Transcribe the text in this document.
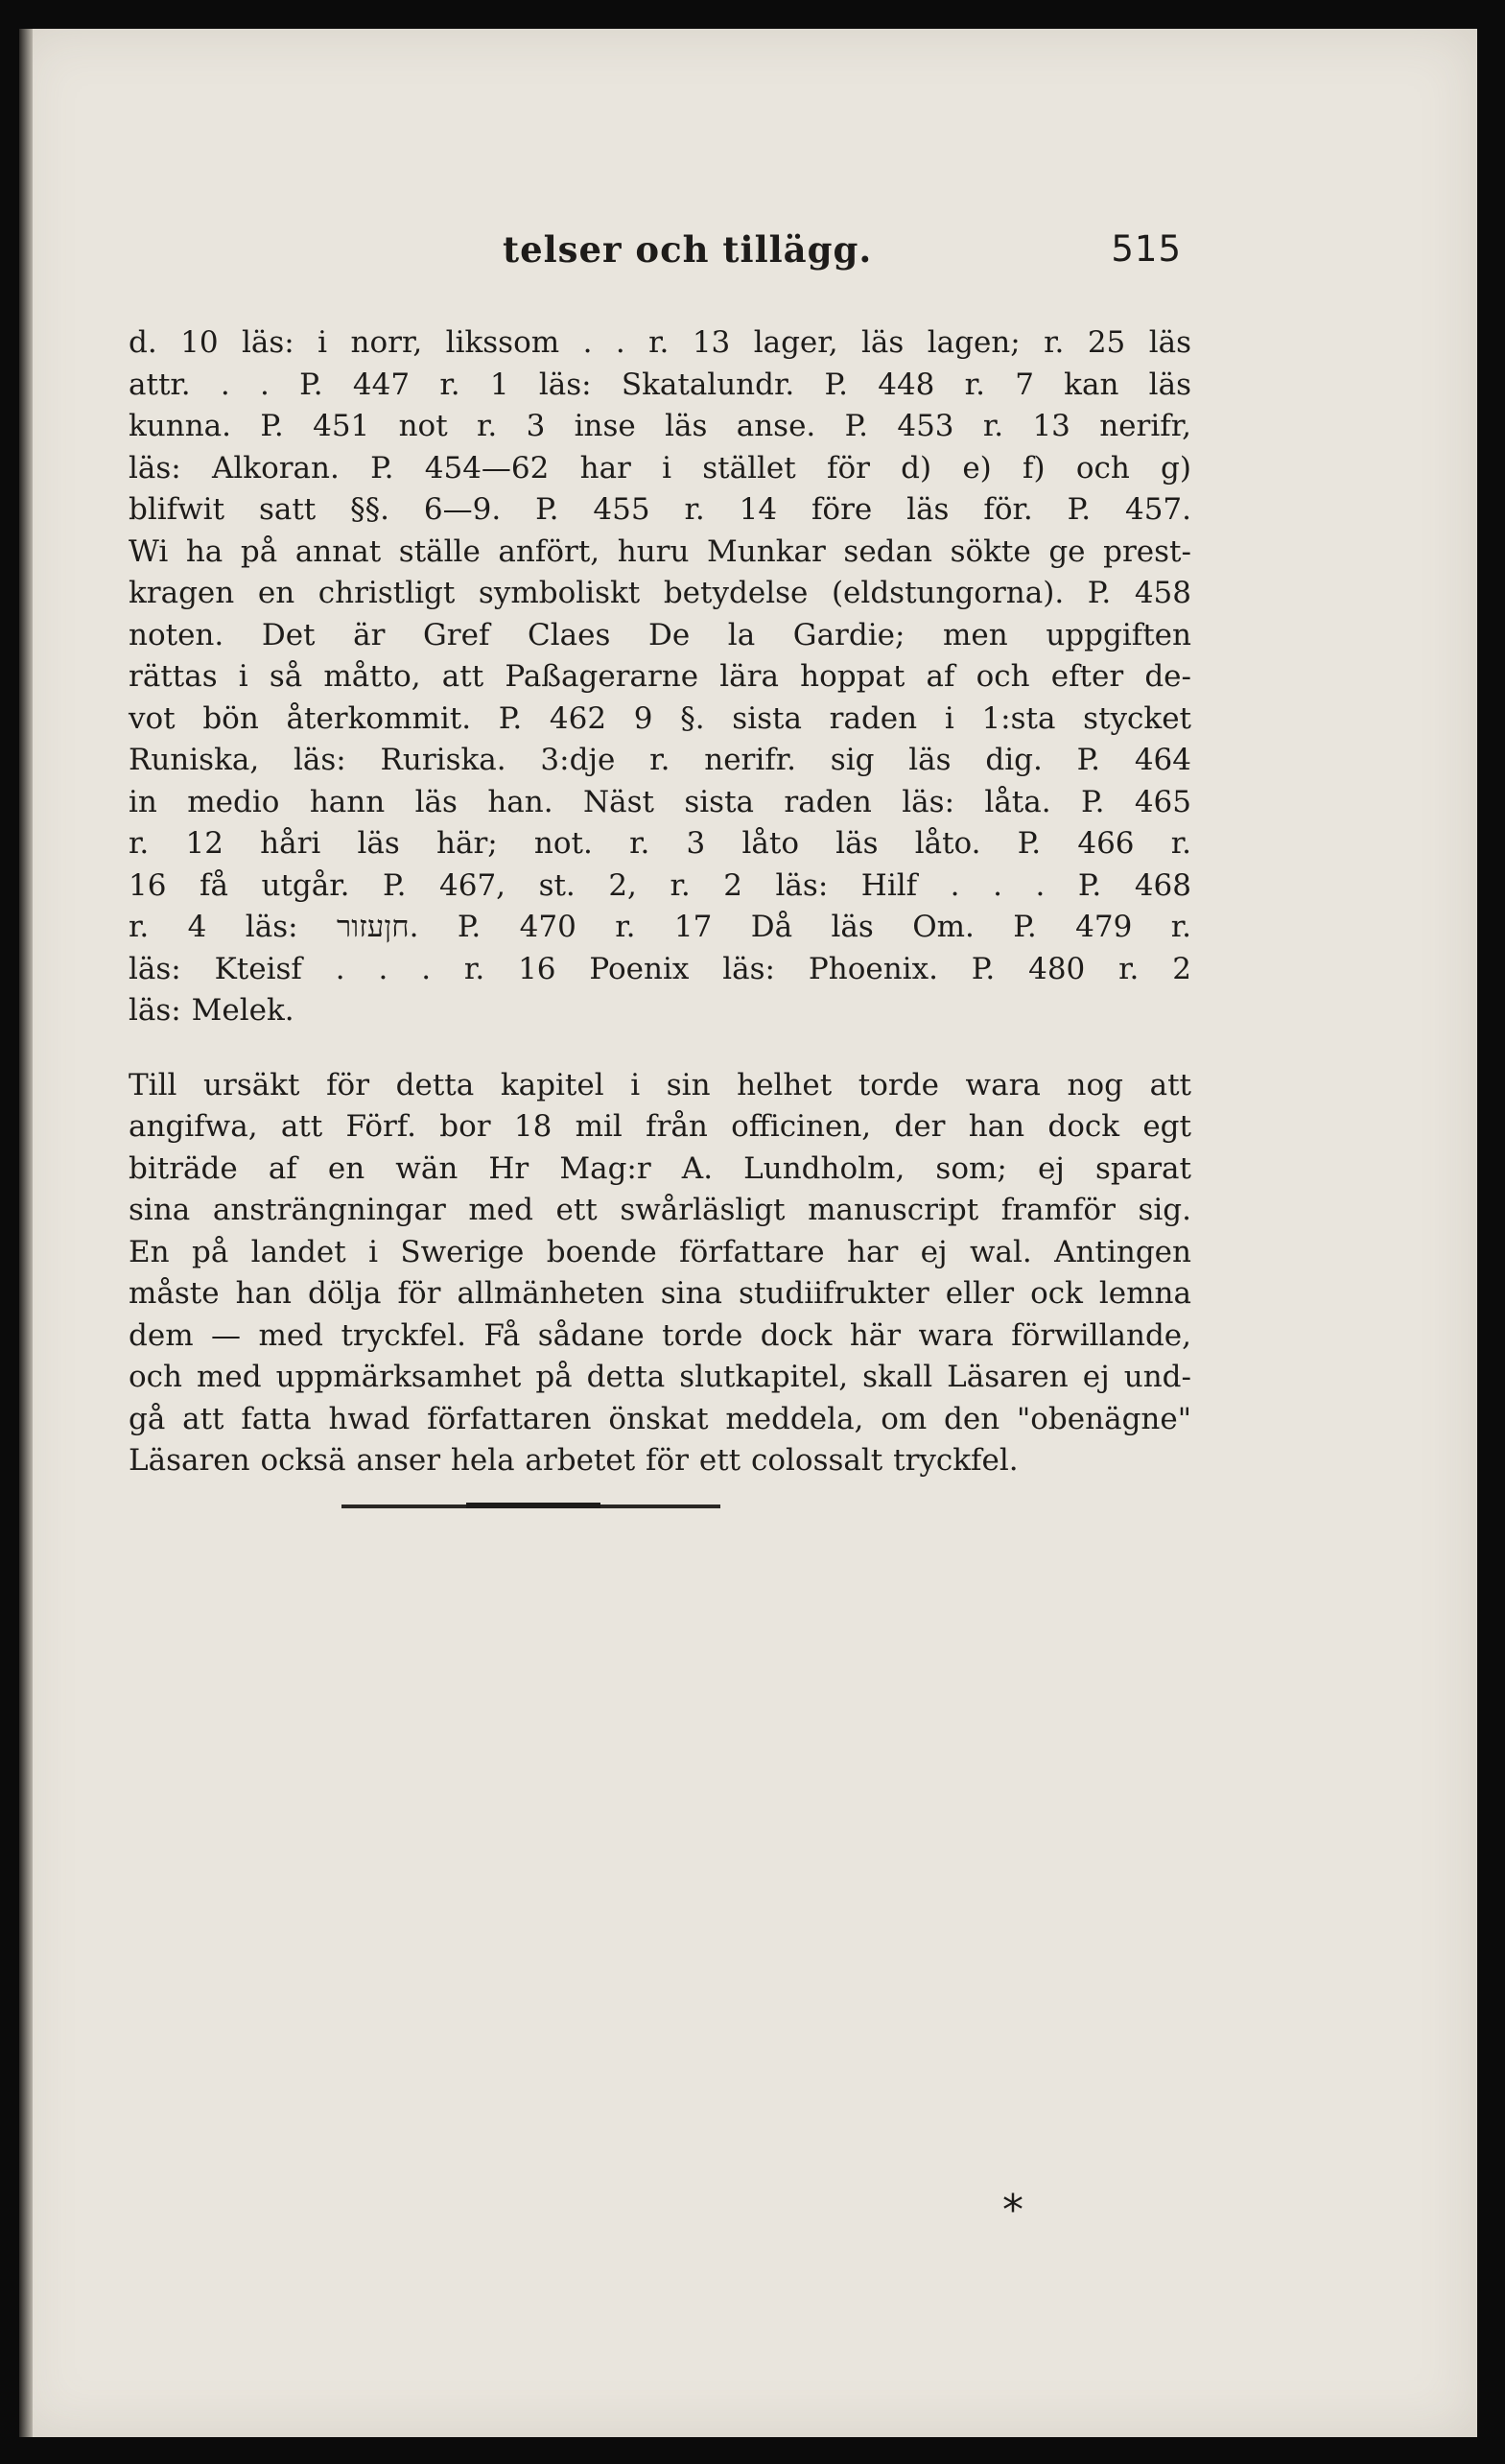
telser och tillägg.	515

d. 10 läs: i norr, likssom . . r. 13 lager, läs lagen; r. 25 läs
attr. . . P. 447 r. 1 läs: Skatalundr. P. 448 r. 7 kan läs
kunna. P. 451 not r. 3 inse läs anse. P. 453 r. 13 nerifr,
läs: Alkoran. P. 454—62 har i stället för d) e) f) och g)
blifwit satt §§. 6—9. P. 455 r. 14 före läs för. P. 457.
Wi ha på annat ställe anfört, huru Munkar sedan sökte ge prest-
kragen en christligt symboliskt betydelse (eldstungorna). P. 458
noten. Det är Gref Claes De la Gardie; men uppgiften
rättas i så måtto, att Paßagerarne lära hoppat af och efter de-
vot bön återkommit. P. 462 9 §. sista raden i 1:sta stycket
Runiska, läs: Ruriska. 3:dje r. nerifr. sig läs dig. P. 464
in medio hann läs han. Näst sista raden läs: låta. P. 465
r. 12 håri läs här; not. r. 3 låto läs låto. P. 466 r.
16 få utgår. P. 467, st. 2, r. 2 läs: Hilf . . . P. 468
r. 4 läs: חןעזור. P. 470 r. 17 Då läs Om. P. 479 r.
läs: Kteisf . . . r. 16 Poenix läs: Phoenix. P. 480 r. 2
läs: Melek.

Till ursäkt för detta kapitel i sin helhet torde wara nog att
angifwa, att Förf. bor 18 mil från officinen, der han dock egt
biträde af en wän Hr Mag:r A. Lundholm, som; ej sparat
sina ansträngningar med ett swårläsligt manuscript framför sig.
En på landet i Swerige boende författare har ej wal. Antingen
måste han dölja för allmänheten sina studiifrukter eller ock lemna
dem — med tryckfel. Få sådane torde dock här wara förwillande,
och med uppmärksamhet på detta slutkapitel, skall Läsaren ej und-
gå att fatta hwad författaren önskat meddela, om den "obenägne"
Läsaren ocksä anser hela arbetet för ett colossalt tryckfel.

*
